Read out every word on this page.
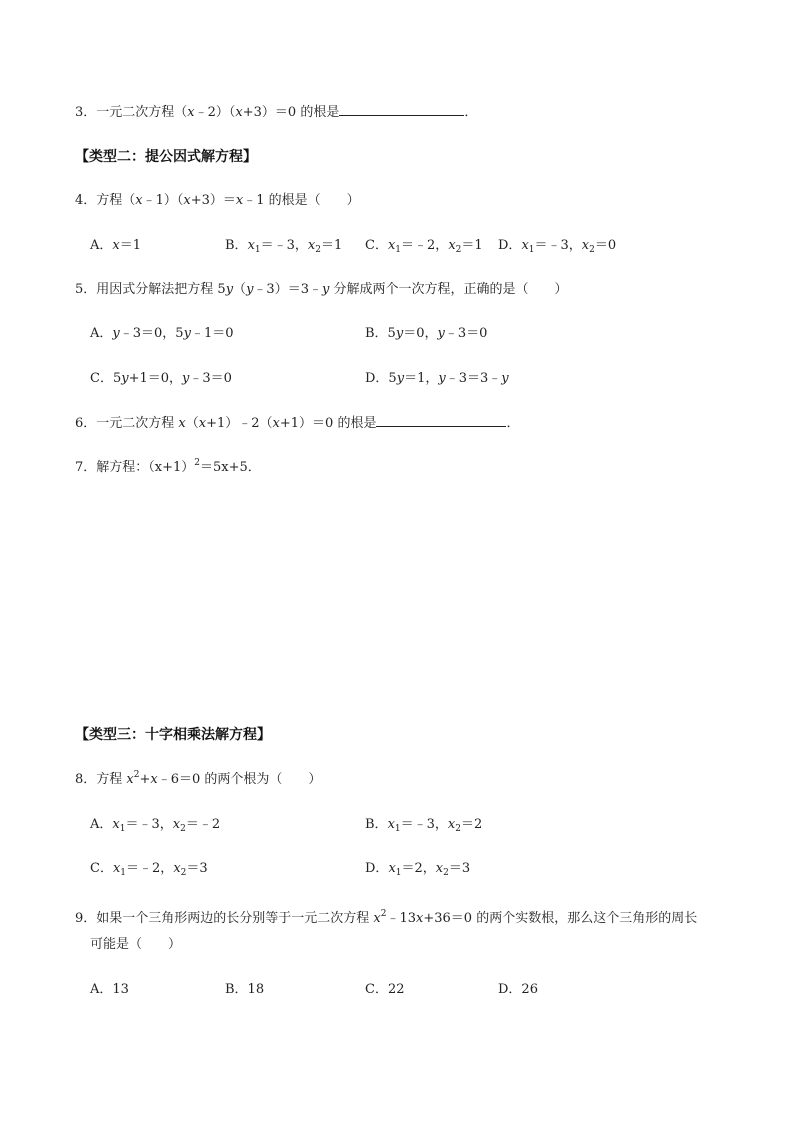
3．一元二次方程（x﹣2）（x+3）＝0 的根是	．
【类型二：提公因式解方程】
4．方程（x﹣1）（x+3）＝x﹣1 的根是（　　）
A．x＝1	B．$x_1=﹣3$，$x_2=1$ C．$x_1=﹣2$，$x_2=1$ D．$x_1=﹣3$，$x_2=0$
5．用因式分解法把方程 5y（y﹣3）＝3﹣y 分解成两个一次方程，正确的是（　　）
A．y﹣3＝0，5y﹣1＝0	B．5y＝0，y﹣3＝0
C．5y+1＝0，y﹣3＝0	D．5y＝1，y﹣3＝3﹣y
6．一元二次方程 x（x+1）﹣2（x+1）＝0 的根是	．
7．解方程：$(x+1)^2=5x+5$．
【类型三：十字相乘法解方程】
8．方程 $x^2+x﹣6=0$ 的两个根为（　　）
A．$x_1=﹣3$，$x_2=﹣2$	B．$x_1=﹣3$，$x_2=2$
C．$x_1=﹣2$，$x_2=3$	D．$x_1=2$，$x_2=3$
9．如果一个三角形两边的长分别等于一元二次方程 $x^2﹣13x+36=0$ 的两个实数根，那么这个三角形的周长
可能是（　　）
A．13	B．18	C．22	D．26
